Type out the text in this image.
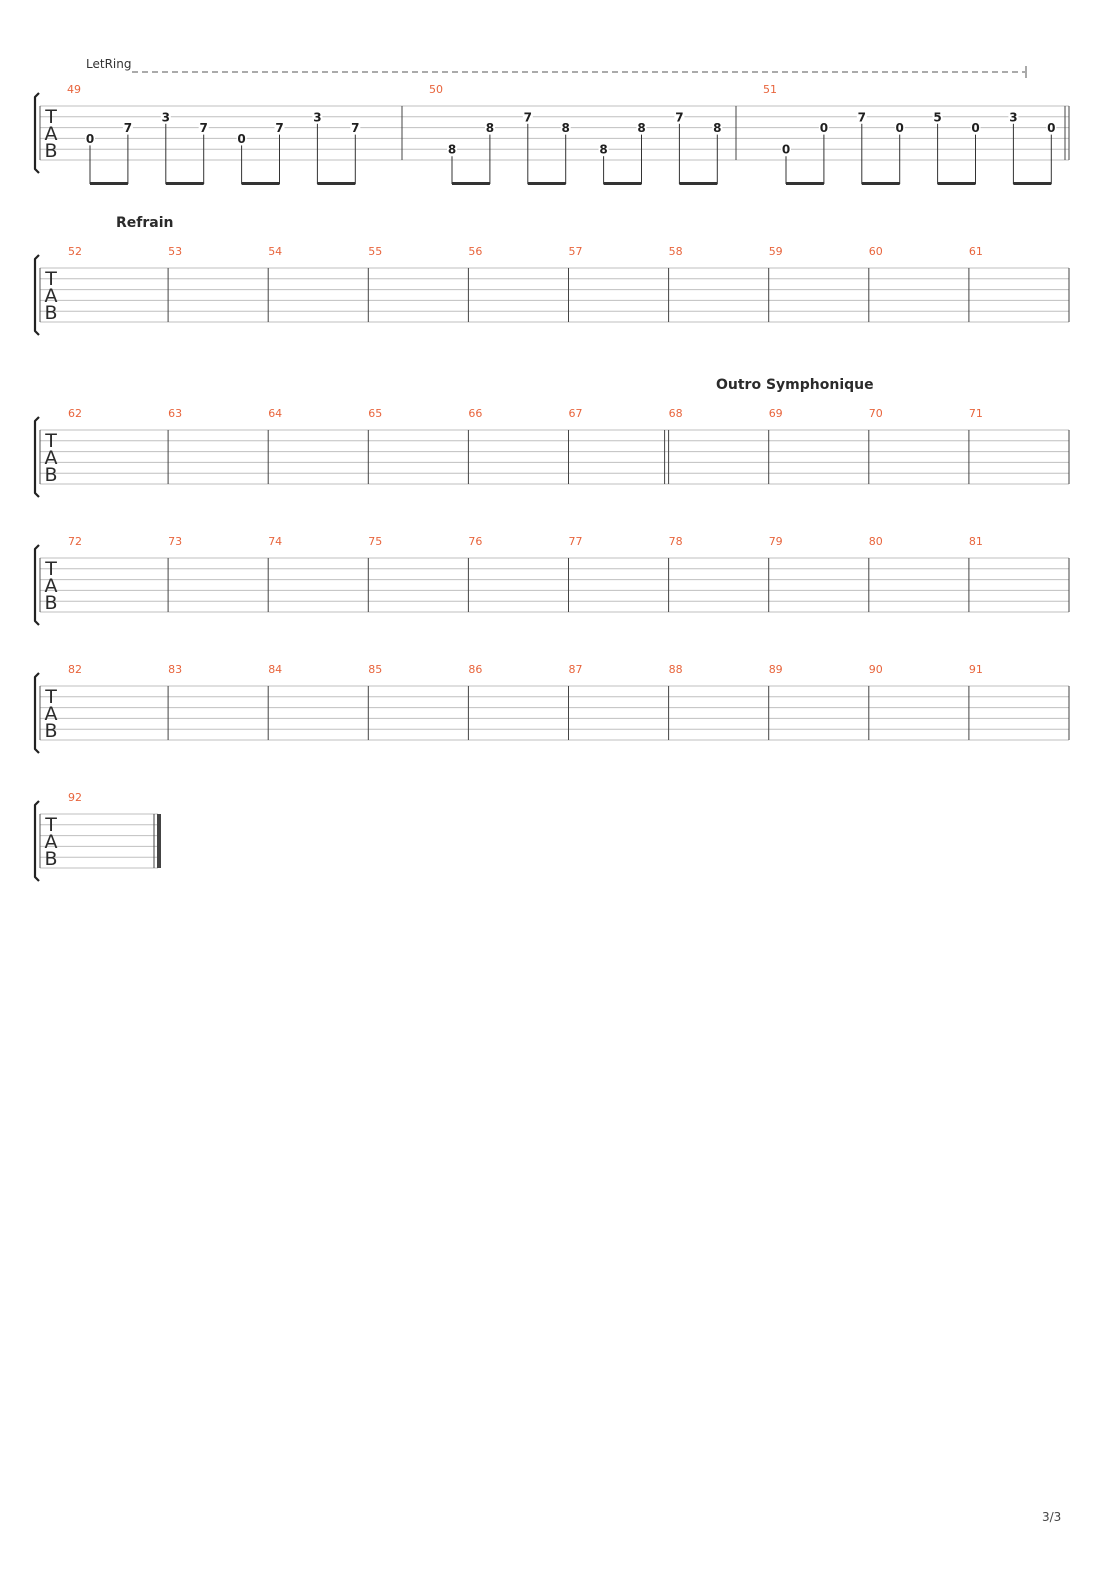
T
A
B
49	50	51
0
7
3
7
0
7
3
7
8
8
7
8
8
8
7
8
0
0
7
0
5
0
3
0
LetRing
T
A
B
52	53	54	55	56	57	58	59	60	61
Refrain
T
A
B
62	63	64	65	66	67	68	69	70	71
Outro Symphonique
T
A
B
72	73	74	75	76	77	78	79	80	81
T
A
B
82	83	84	85	86	87	88	89	90	91
T
A
B
92
3/3
